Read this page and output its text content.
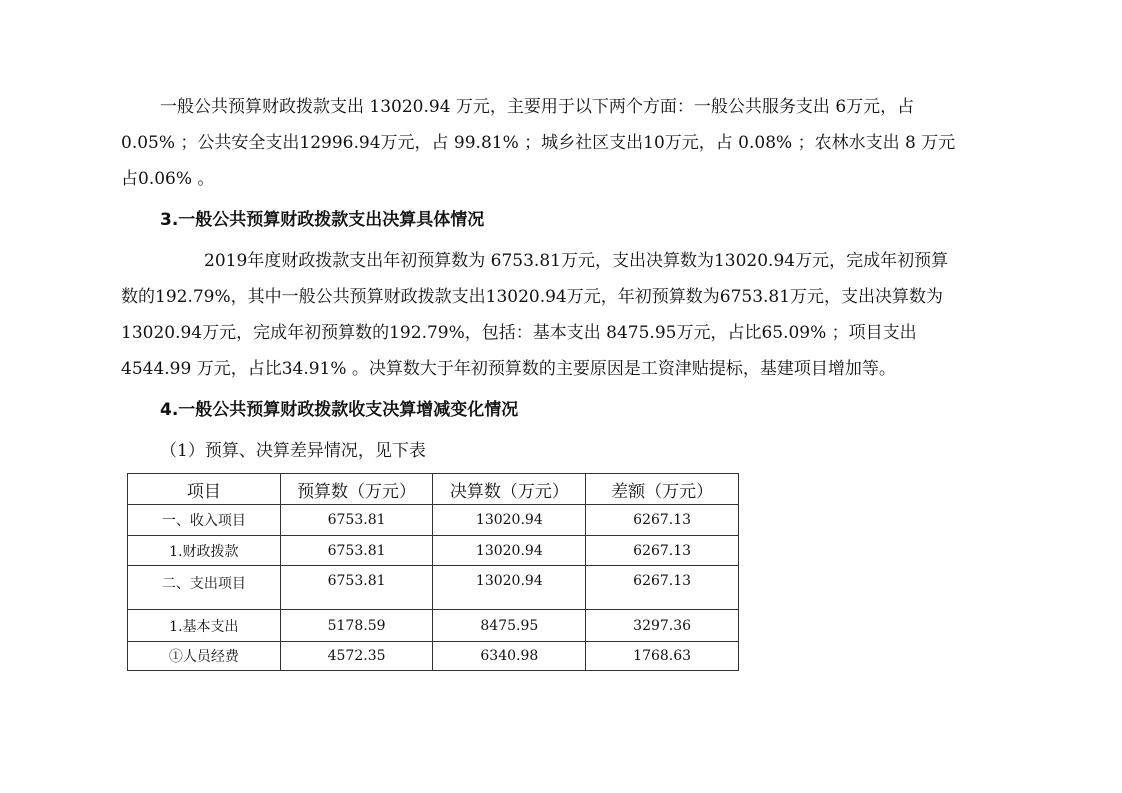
一般公共预算财政拨款支出 13020.94 万元，主要用于以下两个方面：一般公共服务支出 6万元，占
0.05% ；公共安全支出12996.94万元，占 99.81% ；城乡社区支出10万元，占 0.08% ；农林水支出 8 万元
占0.06% 。
3.一般公共预算财政拨款支出决算具体情况
2019年度财政拨款支出年初预算数为 6753.81万元，支出决算数为13020.94万元，完成年初预算
数的192.79%，其中一般公共预算财政拨款支出13020.94万元，年初预算数为6753.81万元，支出决算数为
13020.94万元，完成年初预算数的192.79%，包括：基本支出 8475.95万元，占比65.09% ；项目支出
4544.99 万元，占比34.91% 。决算数大于年初预算数的主要原因是工资津贴提标，基建项目增加等。
4.一般公共预算财政拨款收支决算增减变化情况
（1）预算、决算差异情况，见下表
项目	预算数（万元）	决算数（万元）	差额（万元）
一、收入项目	6753.81	13020.94	6267.13
1.财政拨款	6753.81	13020.94	6267.13
二、支出项目	6753.81	13020.94	6267.13
1.基本支出	5178.59	8475.95	3297.36
①人员经费	4572.35	6340.98	1768.63
